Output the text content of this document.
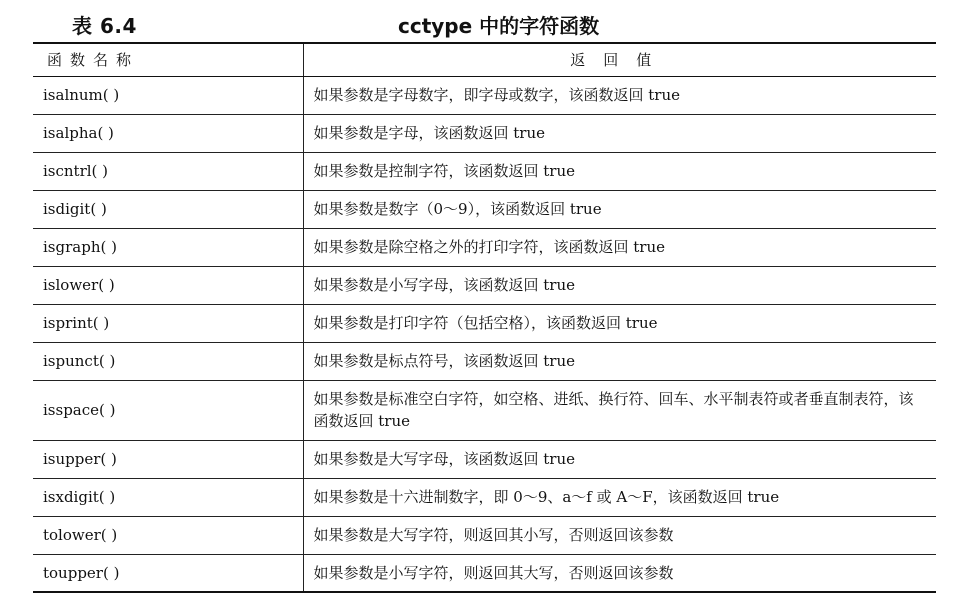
表 6.4	cctype 中的字符函数
函数名称	返回值
isalnum( )	如果参数是字母数字，即字母或数字，该函数返回 true
isalpha( )	如果参数是字母，该函数返回 true
iscntrl( )	如果参数是控制字符，该函数返回 true
isdigit( )	如果参数是数字（0～9），该函数返回 true
isgraph( )	如果参数是除空格之外的打印字符，该函数返回 true
islower( )	如果参数是小写字母，该函数返回 true
isprint( )	如果参数是打印字符（包括空格），该函数返回 true
ispunct( )	如果参数是标点符号，该函数返回 true
isspace( )	如果参数是标准空白字符，如空格、进纸、换行符、回车、水平制表符或者垂直制表符，该函数返回 true
isupper( )	如果参数是大写字母，该函数返回 true
isxdigit( )	如果参数是十六进制数字，即 0～9、a～f 或 A～F，该函数返回 true
tolower( )	如果参数是大写字符，则返回其小写，否则返回该参数
toupper( )	如果参数是小写字符，则返回其大写，否则返回该参数
